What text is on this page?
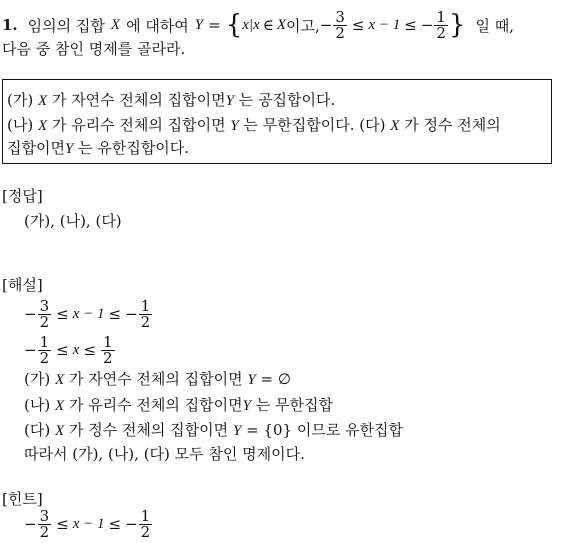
1. 임의의 집합 X 에 대하여 Y = { x|x ∈ X 이고, − $\frac{3}{2} \le x - 1$ ≤ − $\frac{1}{2}$ } 일 때,
다음 중 참인 명제를 골라라.
(가) X 가 자연수 전체의 집합이면Y 는 공집합이다.
(나) X 가 유리수 전체의 집합이면 Y 는 무한집합이다. (다) X 가 정수 전체의
집합이면Y 는 유한집합이다.
[정답]
(가), (나), (다)
[해설]
− $\frac{3}{2} \le x - 1$ ≤ − $\frac{1}{2}$
− $\frac{1}{2} \le x \le \frac{1}{2}$
(가) X 가 자연수 전체의 집합이면 Y = ∅
(나) X 가 유리수 전체의 집합이면Y 는 무한집합
(다) X 가 정수 전체의 집합이면 Y = {0} 이므로 유한집합
따라서 (가), (나), (다) 모두 참인 명제이다.
[힌트]
− $\frac{3}{2} \le x - 1$ ≤ − $\frac{1}{2}$
